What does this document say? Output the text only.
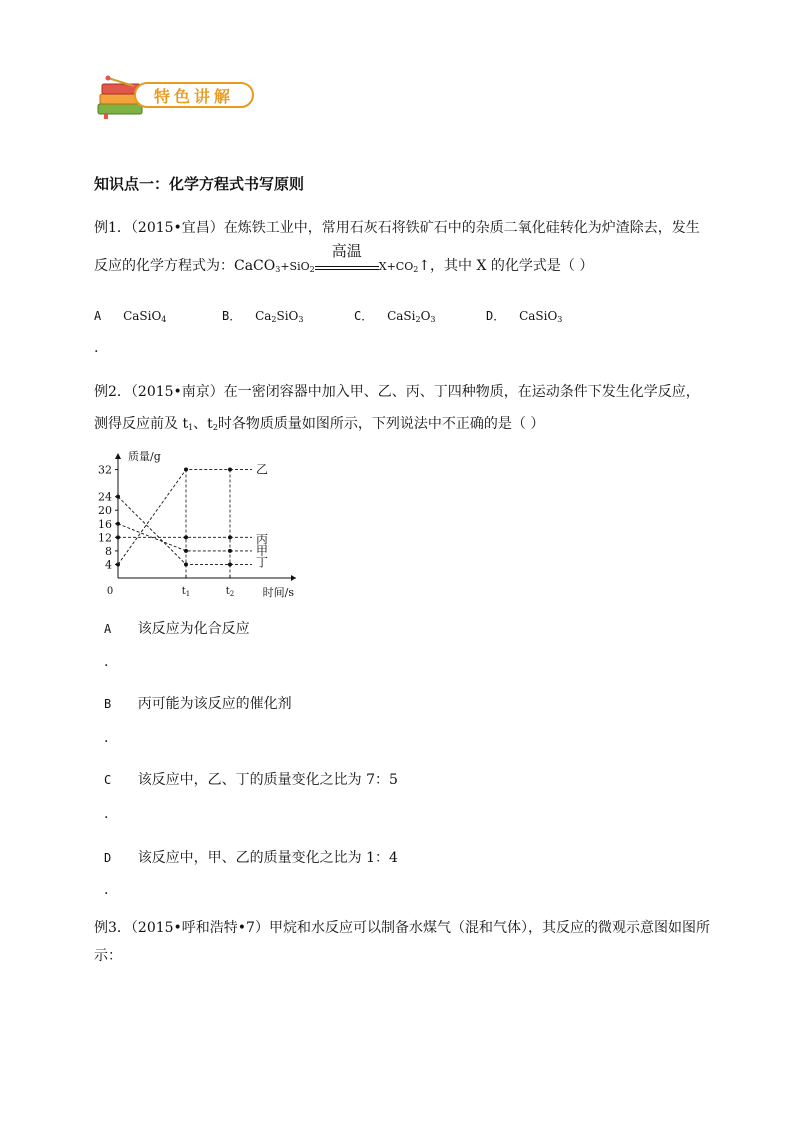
特色讲解
知识点一：化学方程式书写原则
例1．（2015•宜昌）在炼铁工业中，常用石灰石将铁矿石中的杂质二氧化硅转化为炉渣除去，发生
反应的化学方程式为：CaCO$_3$+SiO$_2$
高温
$X+CO_2↑$，其中 X 的化学式是（ ）
A CaSiO$_4$	B． $Ca_2SiO_3$	C． $CaSi_2O_3$	D． CaSiO$_3$
.
例2．（2015•南京）在一密闭容器中加入甲、乙、丙、丁四种物质，在运动条件下发生化学反应，
测得反应前及 $t_1$、$t_2$时各物质质量如图所示，下列说法中不正确的是（ ）
4
8
12
16
20
24
32
0	$t_1$	$t_2$
质量/g
时间/s
乙
丙
甲
丁
A 该反应为化合反应
.
B 丙可能为该反应的催化剂
.
C 该反应中，乙、丁的质量变化之比为 7：5
.
D 该反应中，甲、乙的质量变化之比为 1：4
.
例3．（2015•呼和浩特•7）甲烷和水反应可以制备水煤气（混和气体），其反应的微观示意图如图所
示：
